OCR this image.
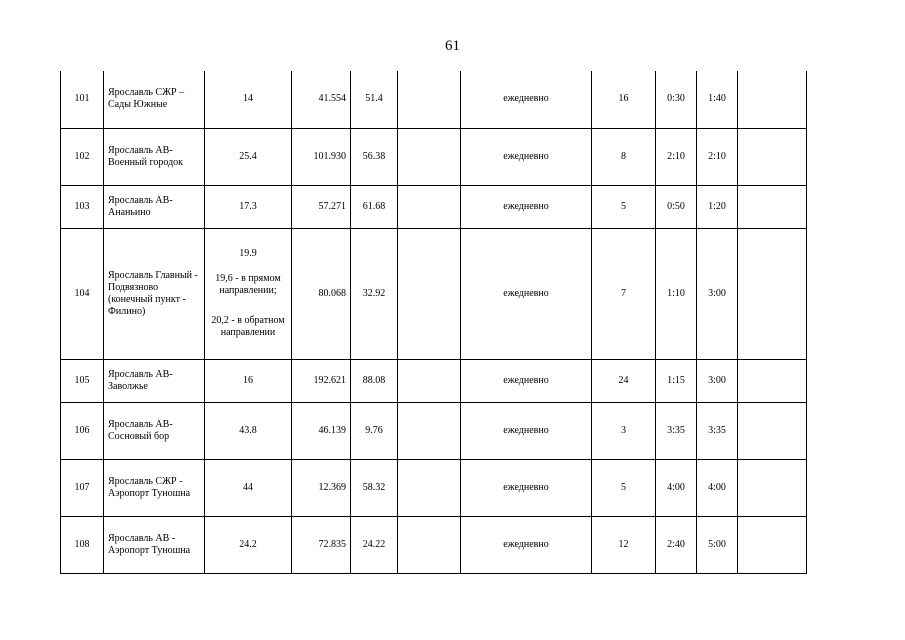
61
101	Ярославль СЖР – Сады Южные	14	41.554	51.4		ежедневно	16	0:30	1:40	
102	Ярославль АВ-Военный городок	25.4	101.930	56.38		ежедневно	8	2:10	2:10	
103	Ярославль АВ-Ананьино	17.3	57.271	61.68		ежедневно	5	0:50	1:20	
104	Ярославль Главный - Подвязново (конечный пункт - Филино)	19.9
19,6 - в прямом направлении;
20,2 - в обратном направлении	80.068	32.92		ежедневно	7	1:10	3:00	
105	Ярославль АВ-Заволжье	16	192.621	88.08		ежедневно	24	1:15	3:00	
106	Ярославль АВ-Сосновый бор	43.8	46.139	9.76		ежедневно	3	3:35	3:35	
107	Ярославль СЖР - Аэропорт Туношна	44	12.369	58.32		ежедневно	5	4:00	4:00	
108	Ярославль АВ - Аэропорт Туношна	24.2	72.835	24.22		ежедневно	12	2:40	5:00	
